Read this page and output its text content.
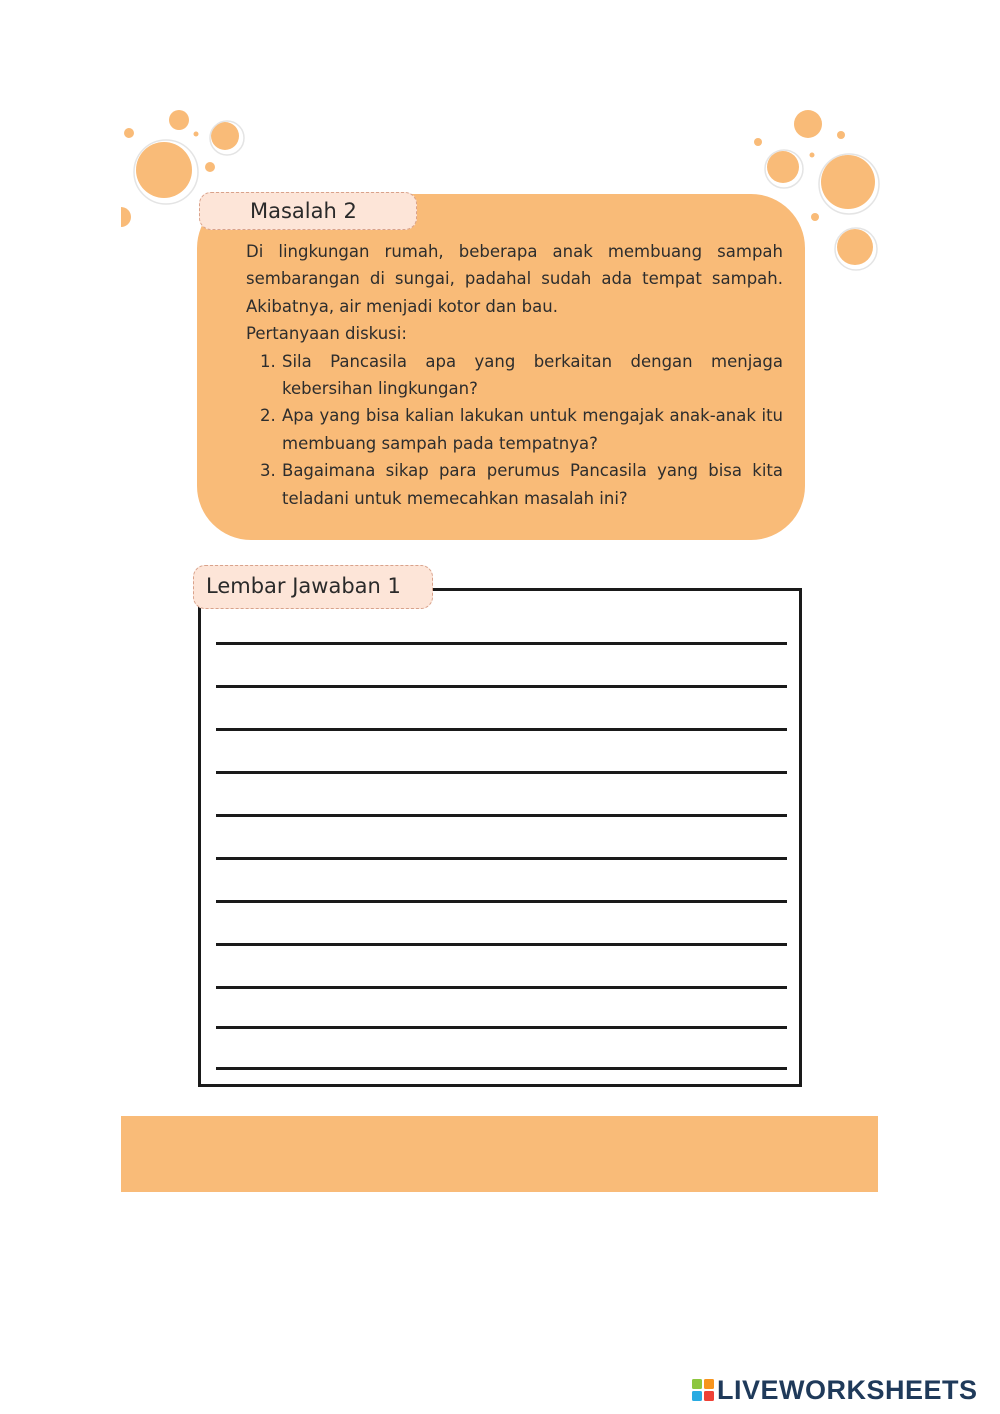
Masalah 2

Di lingkungan rumah, beberapa anak membuang sampah sembarangan di sungai, padahal sudah ada tempat sampah. Akibatnya, air menjadi kotor dan bau.

Pertanyaan diskusi:

1. Sila Pancasila apa yang berkaitan dengan menjaga kebersihan lingkungan?
2. Apa yang bisa kalian lakukan untuk mengajak anak-anak itu membuang sampah pada tempatnya?
3. Bagaimana sikap para perumus Pancasila yang bisa kita teladani untuk memecahkan masalah ini?
Lembar Jawaban 1
LIVEWORKSHEETS
